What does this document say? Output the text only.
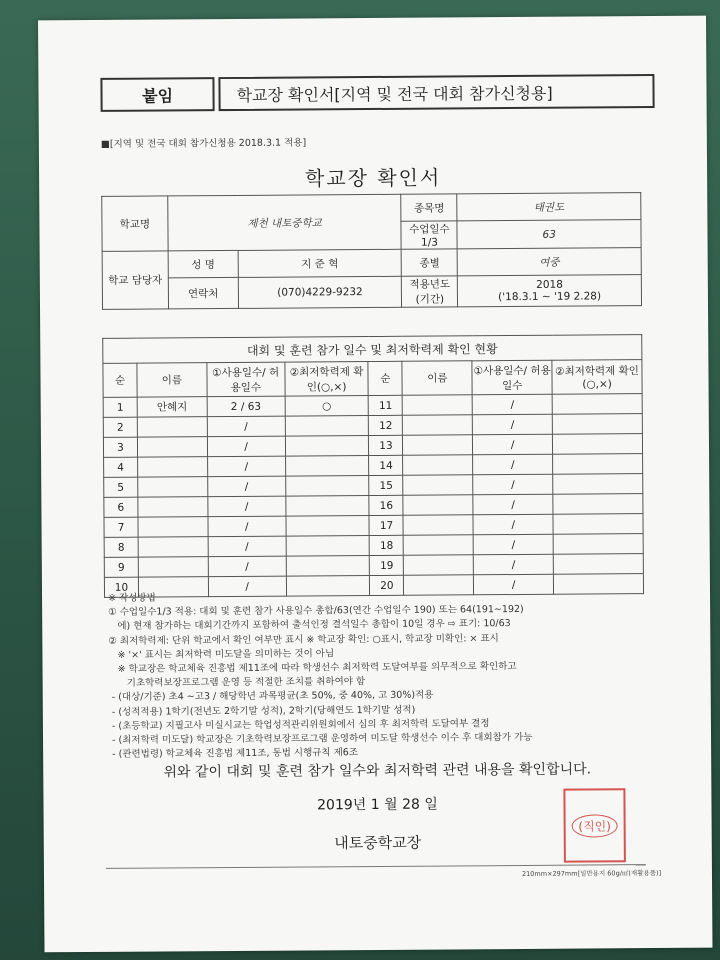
붙임	학교장 확인서[지역 및 전국 대회 참가신청용]
■[지역 및 전국 대회 참가신청용 2018.3.1 적용]
학교장 확인서
학교명	제천 내토중학교		종목명	태권도
			수업일수 1/3	63
학교 담당자	성 명	지 준 혁	종별	여중
	연락처	(070)4229-9232	적용년도 (기간)	2018
('18.3.1 ~ '19 2.28)
대회 및 훈련 참가 일수 및 최저학력제 확인 현황							
순	이름	①사용일수/ 허용일수	②최저학력제 확인(○,×)	순	이름	①사용일수/ 허용일수	②최저학력제 확인(○,×)
1	안혜지	2 / 63	○	11		/	
2		/		12		/	
3		/		13		/	
4		/		14		/	
5		/		15		/	
6		/		16		/	
7		/		17		/	
8		/		18		/	
9		/		19		/	
10		/		20		/	
※ 작성방법
① 수업일수1/3 적용: 대회 및 훈련 참가 사용일수 총합/63(연간 수업일수 190) 또는 64(191~192)
에) 현재 참가하는 대회기간까지 포함하여 출석인정 결석일수 총합이 10일 경우 ⇨ 표기: 10/63
② 최저학력제: 단위 학교에서 확인 여부만 표시 ※ 학교장 확인: ○표시, 학교장 미확인: × 표시
※ '×' 표시는 최저학력 미도달을 의미하는 것이 아님
※ 학교장은 학교체육 진흥법 제11조에 따라 학생선수 최저학력 도달여부를 의무적으로 확인하고
기초학력보장프로그램 운영 등 적절한 조치를 취하여야 함
- (대상/기준) 초4 ~고3 / 해당학년 과목평균(초 50%, 중 40%, 고 30%)적용
- (성적적용) 1학기(전년도 2학기말 성적), 2학기(당해연도 1학기말 성적)
- (초등학교) 지필고사 미실시교는 학업성적관리위원회에서 심의 후 최저학력 도달여부 결정
- (최저학력 미도달) 학교장은 기초학력보장프로그램 운영하여 미도달 학생선수 이수 후 대회참가 가능
- (관련법령) 학교체육 진흥법 제11조, 동법 시행규칙 제6조
위와 같이 대회 및 훈련 참가 일수와 최저학력 관련 내용을 확인합니다.
2019년 1 월 28 일
내토중학교장
(직인)
210mm×297mm[일반용지 60g/㎡(재활용품)]
